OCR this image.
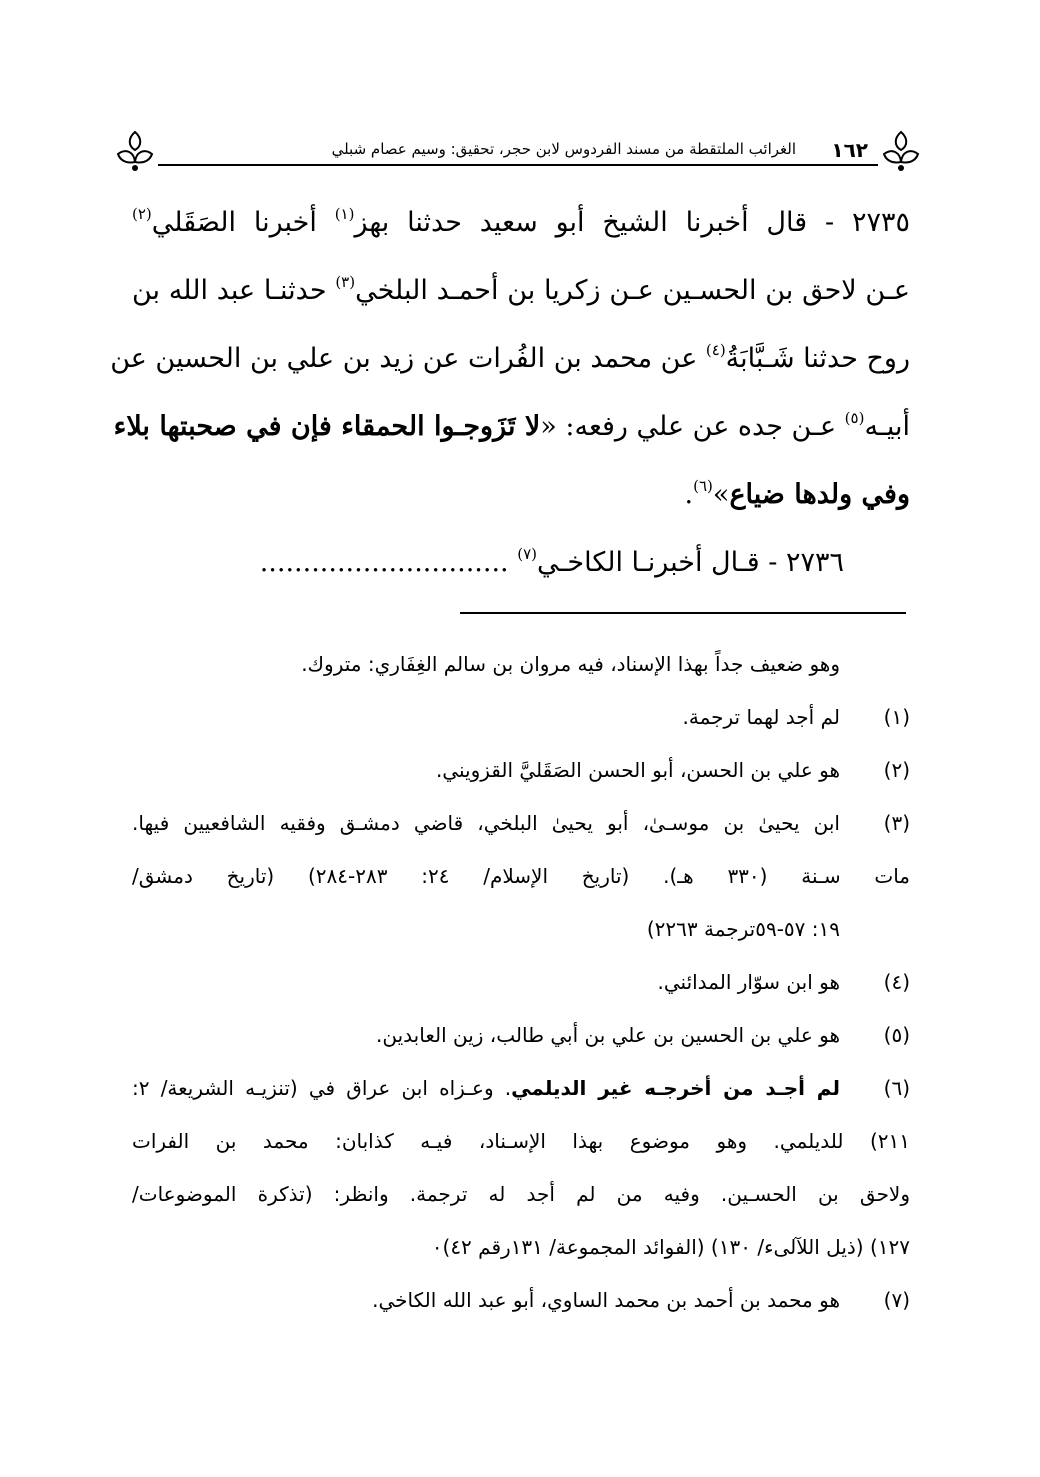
١٦٢
الغرائب الملتقطة من مسند الفردوس لابن حجر، تحقيق: وسيم عصام شبلي
٢٧٣٥ - قال أخبرنا الشيخ أبو سعيد حدثنا بهز$^{(١)}$ أخبرنا الصَقَلي$^{(٢)}$
عـن لاحق بن الحسـين عـن زكريا بن أحمـد البلخي$^{(٣)}$ حدثنـا عبد الله بن
روح حدثنا شَـبَّابَةُ$^{(٤)}$ عن محمد بن الفُرات عن زيد بن علي بن الحسين عن
أبيـه$^{(٥)}$ عـن جده عن علي رفعه: «لا تَزَوجـوا الحمقاء فإن في صحبتها بلاء
وفي ولدها ضياع»$^{(٦)}$.
٢٧٣٦ - قـال أخبرنـا الكاخـي$^{(٧)}$ .............................
وهو ضعيف جداً بهذا الإسناد، فيه مروان بن سالم الغِفَاري: متروك.
(١)لم أجد لهما ترجمة.
(٢)هو علي بن الحسن، أبو الحسن الصَقَليَّ القزويني.
(٣)ابن يحيىٰ بن موسـىٰ، أبو يحيىٰ البلخي، قاضي دمشـق وفقيه الشافعيين فيها.
مات سـنة (٣٣٠ هـ). (تاريخ الإسلام/ ٢٤: ٢٨٣-٢٨٤) (تاريخ دمشق/
١٩: ٥٧-٥٩ترجمة ٢٢٦٣)
(٤)هو ابن سوّار المدائني.
(٥)هو علي بن الحسين بن علي بن أبي طالب، زين العابدين.
(٦)لم أجـد من أخرجـه غير الديلمي. وعـزاه ابن عراق في (تنزيـه الشريعة/ ٢:
٢١١) للديلمي. وهو موضوع بهذا الإسـناد، فيـه كذابان: محمد بن الفرات
ولاحق بن الحسـين. وفيه من لم أجد له ترجمة. وانظر: (تذكرة الموضوعات/
١٢٧) (ذيل اللآلىء/ ١٣٠) (الفوائد المجموعة/ ١٣١رقم ٤٢)٠
(٧)هو محمد بن أحمد بن محمد الساوي، أبو عبد الله الكاخي.
